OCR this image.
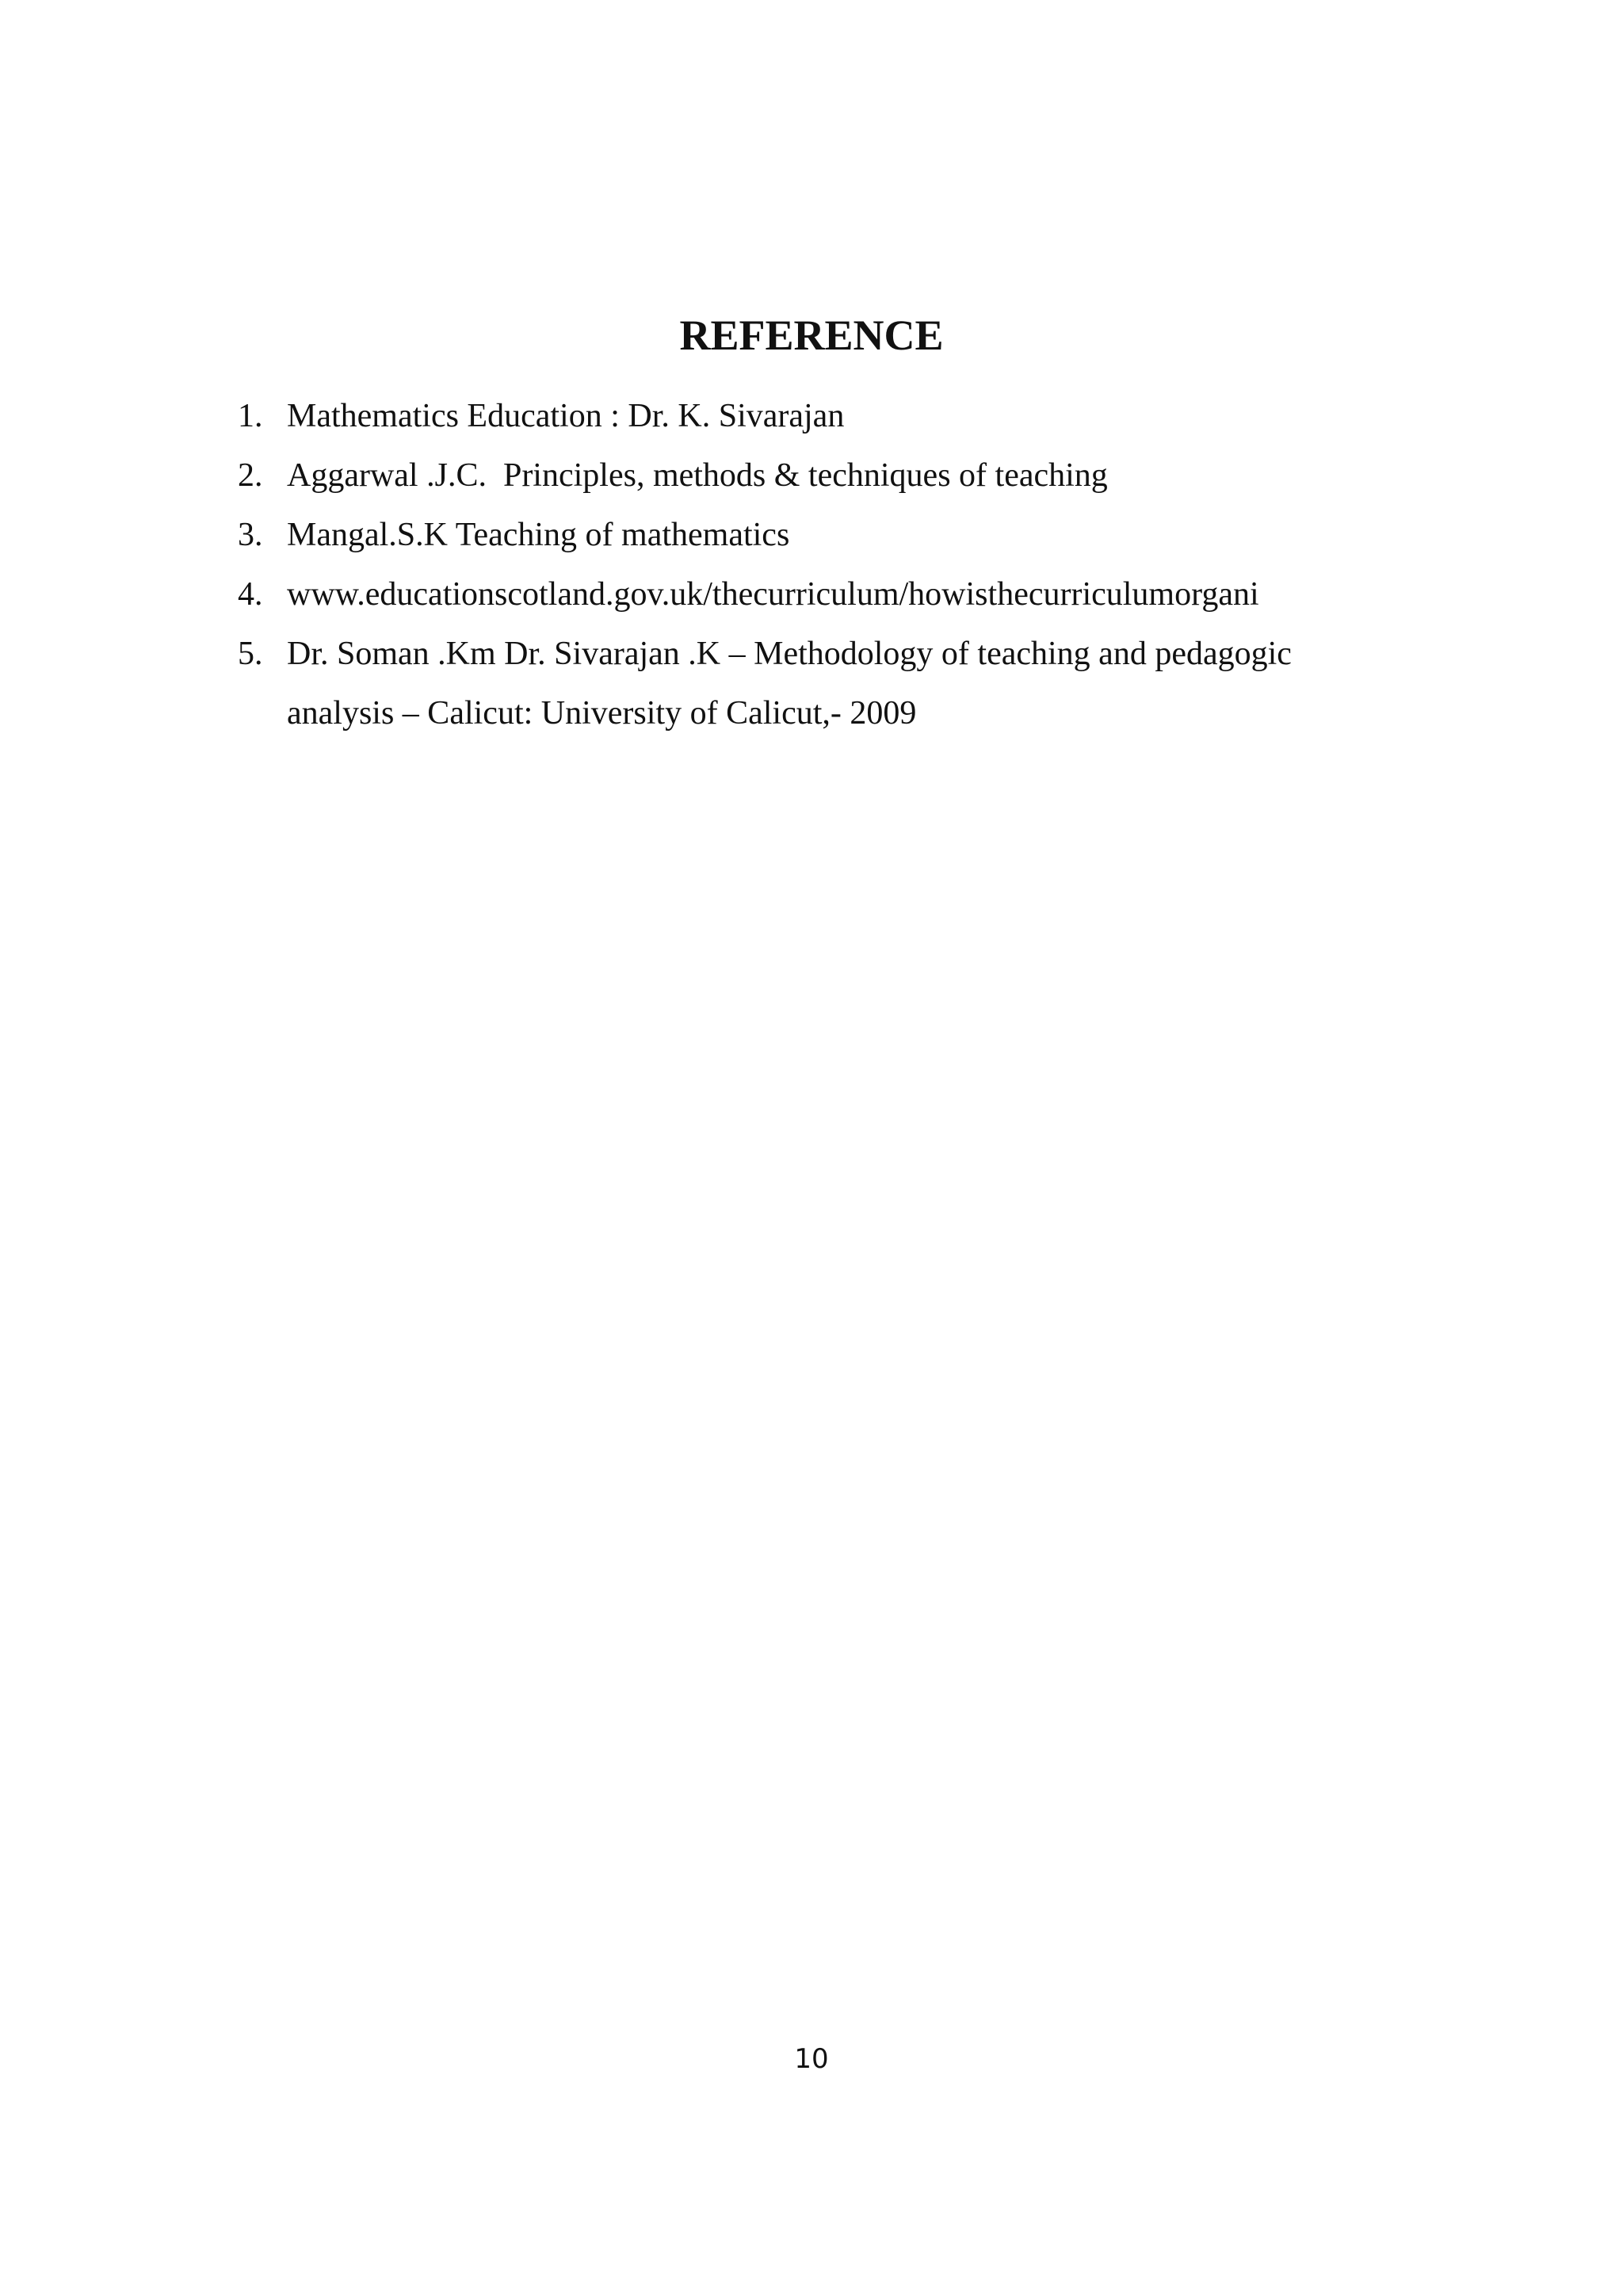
REFERENCE
1. Mathematics Education : Dr. K. Sivarajan
2. Aggarwal .J.C.  Principles, methods & techniques of teaching
3. Mangal.S.K Teaching of mathematics
4. www.educationscotland.gov.uk/thecurriculum/howisthecurriculumorgani
5. Dr. Soman .Km Dr. Sivarajan .K – Methodology of teaching and pedagogic
analysis – Calicut: University of Calicut,- 2009
10
